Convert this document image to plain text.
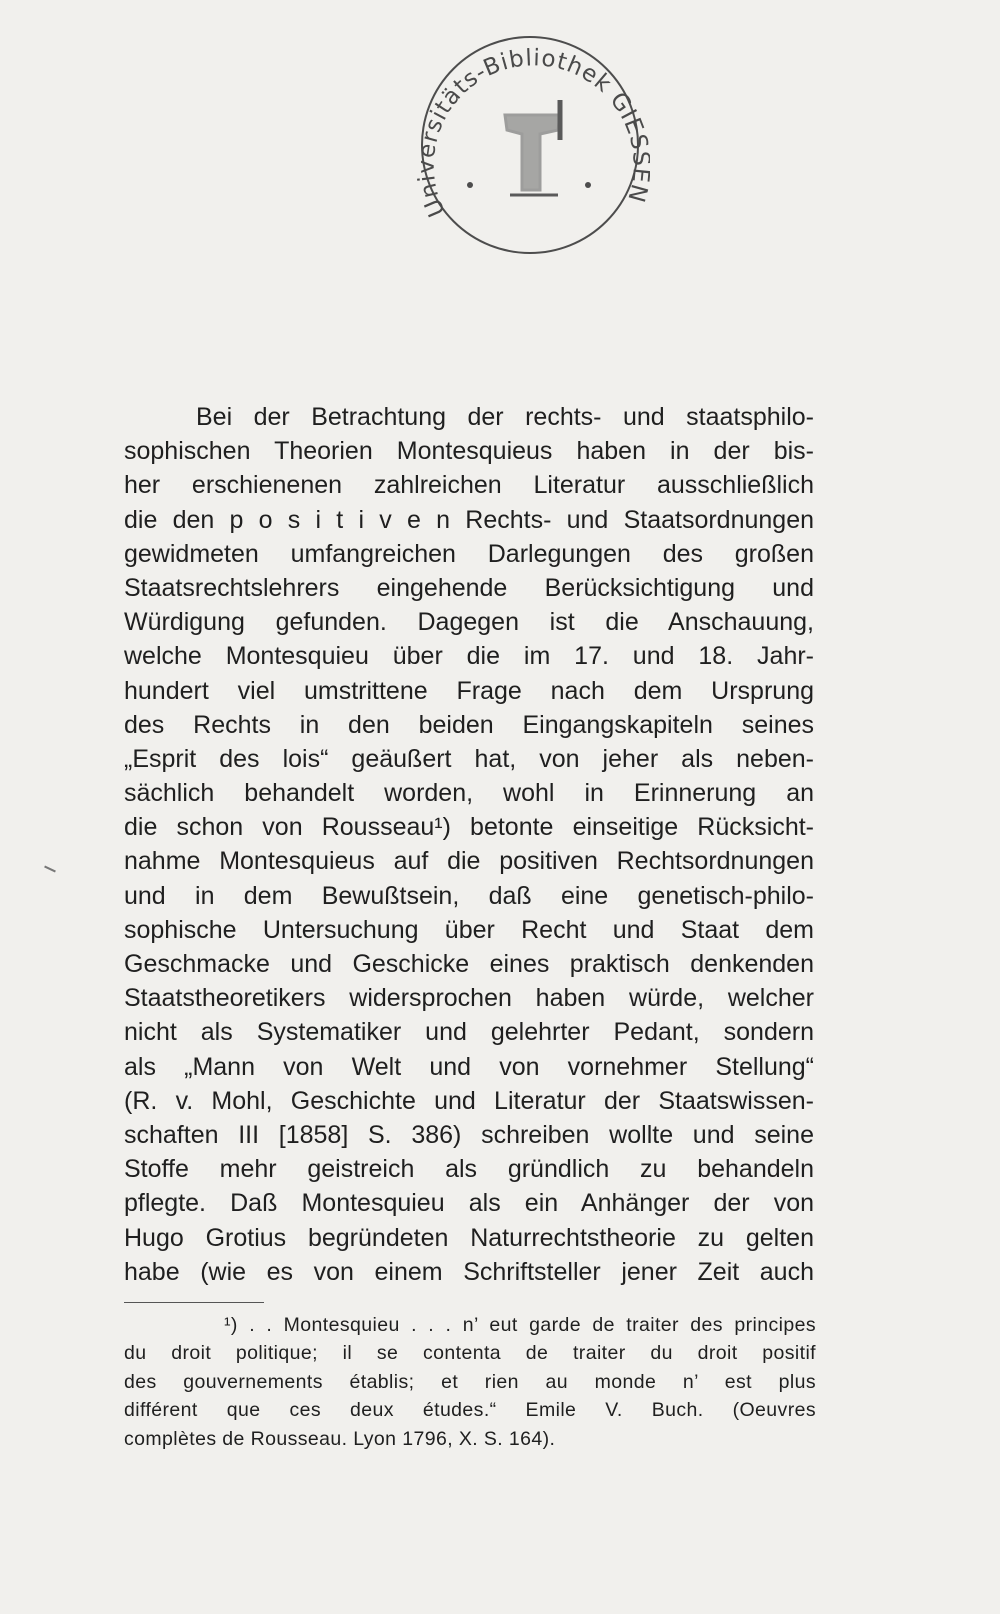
Universitäts-Bibliothek GIES N
Bei der Betrachtung der rechts- und staatsphilo-
sophischen Theorien Montesquieus haben in der bis-
her erschienenen zahlreichen Literatur ausschließlich
die den p o s i t i v e n Rechts- und Staatsordnungen
gewidmeten umfangreichen Darlegungen des großen
Staatsrechtslehrers eingehende Berücksichtigung und
Würdigung gefunden. Dagegen ist die Anschauung,
welche Montesquieu über die im 17. und 18. Jahr-
hundert viel umstrittene Frage nach dem Ursprung
des Rechts in den beiden Eingangskapiteln seines
„Esprit des lois“ geäußert hat, von jeher als neben-
sächlich behandelt worden, wohl in Erinnerung an
die schon von Rousseau¹) betonte einseitige Rücksicht-
nahme Montesquieus auf die positiven Rechtsordnungen
und in dem Bewußtsein, daß eine genetisch-philo-
sophische Untersuchung über Recht und Staat dem
Geschmacke und Geschicke eines praktisch denkenden
Staatstheoretikers widersprochen haben würde, welcher
nicht als Systematiker und gelehrter Pedant, sondern
als „Mann von Welt und von vornehmer Stellung“
(R. v. Mohl, Geschichte und Literatur der Staatswissen-
schaften III [1858] S. 386) schreiben wollte und seine
Stoffe mehr geistreich als gründlich zu behandeln
pflegte. Daß Montesquieu als ein Anhänger der von
Hugo Grotius begründeten Naturrechtstheorie zu gelten
habe (wie es von einem Schriftsteller jener Zeit auch
¹) . . Montesquieu . . . n’ eut garde de traiter des principes
du droit politique; il se contenta de traiter du droit positif
des gouvernements établis; et rien au monde n’ est plus
différent que ces deux études.“ Emile V. Buch. (Oeuvres
complètes de Rousseau. Lyon 1796, X. S. 164).
